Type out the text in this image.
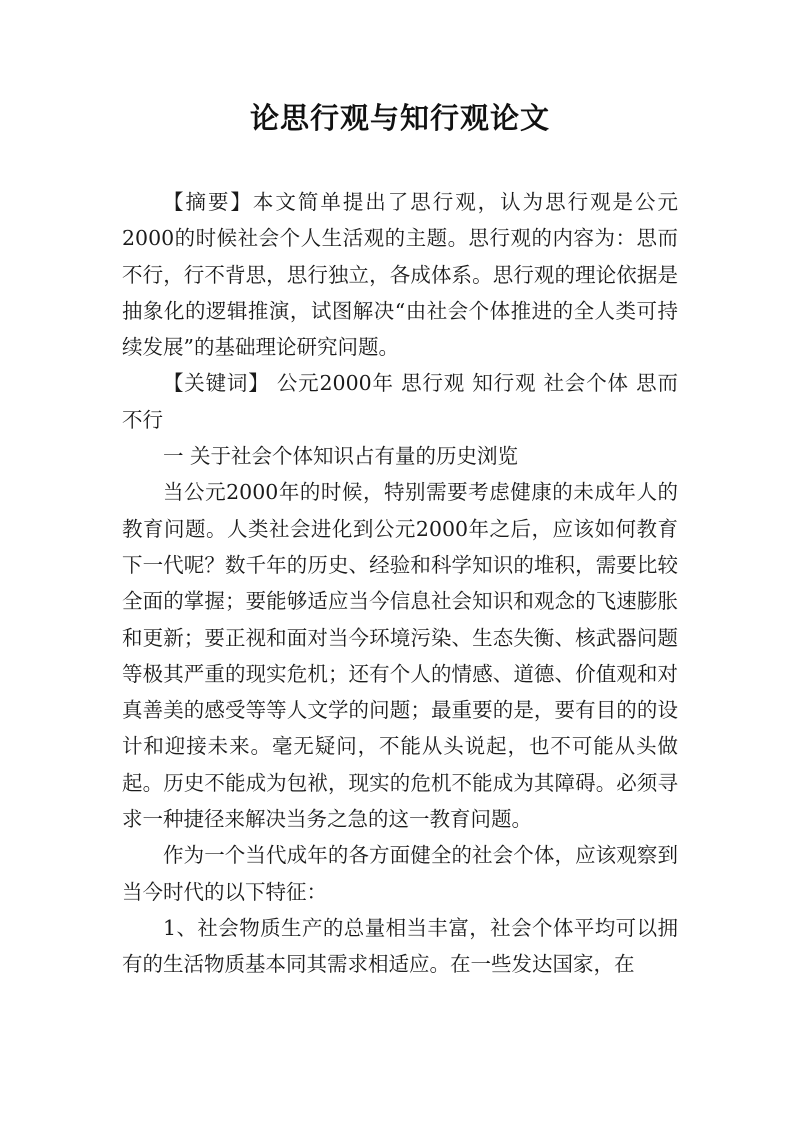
论思行观与知行观论文

【摘要】本文简单提出了思行观，认为思行观是公元2000的时候社会个人生活观的主题。思行观的内容为：思而不行，行不背思，思行独立，各成体系。思行观的理论依据是抽象化的逻辑推演，试图解决“由社会个体推进的全人类可持续发展”的基础理论研究问题。

【关键词】 公元2000年 思行观 知行观 社会个体 思而不行

一 关于社会个体知识占有量的历史浏览

当公元2000年的时候，特别需要考虑健康的未成年人的教育问题。人类社会进化到公元2000年之后，应该如何教育下一代呢？数千年的历史、经验和科学知识的堆积，需要比较全面的掌握；要能够适应当今信息社会知识和观念的飞速膨胀和更新；要正视和面对当今环境污染、生态失衡、核武器问题等极其严重的现实危机；还有个人的情感、道德、价值观和对真善美的感受等等人文学的问题；最重要的是，要有目的的设计和迎接未来。毫无疑问，不能从头说起，也不可能从头做起。历史不能成为包袱，现实的危机不能成为其障碍。必须寻求一种捷径来解决当务之急的这一教育问题。

作为一个当代成年的各方面健全的社会个体，应该观察到当今时代的以下特征：

1、社会物质生产的总量相当丰富，社会个体平均可以拥有的生活物质基本同其需求相适应。在一些发达国家，在
